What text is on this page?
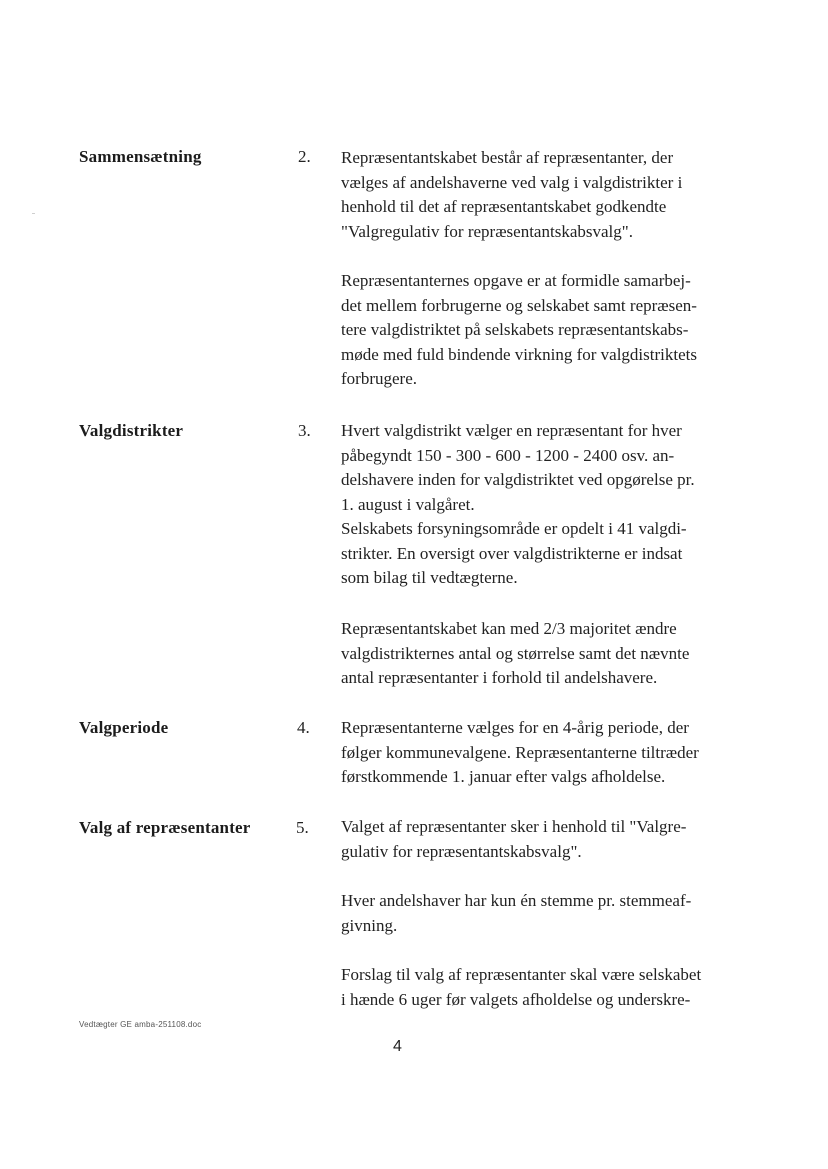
Sammensætning	2. Repræsentantskabet består af repræsentanter, der
vælges af andelshaverne ved valg i valgdistrikter i
henhold til det af repræsentantskabet godkendte
"Valgregulativ for repræsentantskabsvalg".
Repræsentanternes opgave er at formidle samarbej-
det mellem forbrugerne og selskabet samt repræsen-
tere valgdistriktet på selskabets repræsentantskabs-
møde med fuld bindende virkning for valgdistriktets
forbrugere.
Valgdistrikter	3. Hvert valgdistrikt vælger en repræsentant for hver
påbegyndt 150 - 300 - 600 - 1200 - 2400 osv. an-
delshavere inden for valgdistriktet ved opgørelse pr.
1. august i valgåret.
Selskabets forsyningsområde er opdelt i 41 valgdi-
strikter. En oversigt over valgdistrikterne er indsat
som bilag til vedtægterne.
Repræsentantskabet kan med 2/3 majoritet ændre
valgdistrikternes antal og størrelse samt det nævnte
antal repræsentanter i forhold til andelshavere.
Valgperiode	4. Repræsentanterne vælges for en 4-årig periode, der
følger kommunevalgene. Repræsentanterne tiltræder
førstkommende 1. januar efter valgs afholdelse.
Valg af repræsentanter	5. Valget af repræsentanter sker i henhold til "Valgre-
gulativ for repræsentantskabsvalg".
Hver andelshaver har kun én stemme pr. stemmeaf-
givning.
Forslag til valg af repræsentanter skal være selskabet
i hænde 6 uger før valgets afholdelse og underskre-
Vedtægter GE amba-251108.doc
4
